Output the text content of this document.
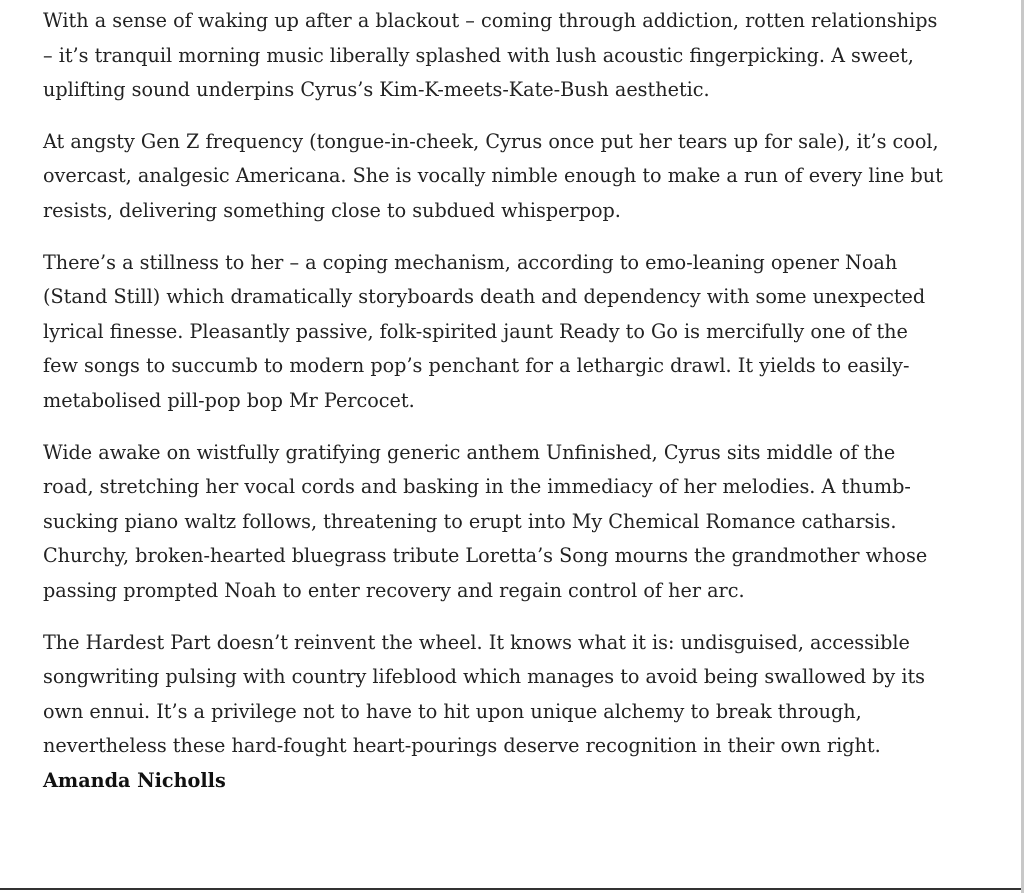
With a sense of waking up after a blackout – coming through addiction, rotten relationships – it’s tranquil morning music liberally splashed with lush acoustic fingerpicking. A sweet, uplifting sound underpins Cyrus’s Kim-K-meets-Kate-Bush aesthetic.

At angsty Gen Z frequency (tongue-in-cheek, Cyrus once put her tears up for sale), it’s cool, overcast, analgesic Americana. She is vocally nimble enough to make a run of every line but resists, delivering something close to subdued whisperpop.

There’s a stillness to her – a coping mechanism, according to emo-leaning opener Noah (Stand Still) which dramatically storyboards death and dependency with some unexpected lyrical finesse. Pleasantly passive, folk-spirited jaunt Ready to Go is mercifully one of the few songs to succumb to modern pop’s penchant for a lethargic drawl. It yields to easily-metabolised pill-pop bop Mr Percocet.

Wide awake on wistfully gratifying generic anthem Unfinished, Cyrus sits middle of the road, stretching her vocal cords and basking in the immediacy of her melodies. A thumb-sucking piano waltz follows, threatening to erupt into My Chemical Romance catharsis. Churchy, broken-hearted bluegrass tribute Loretta’s Song mourns the grandmother whose passing prompted Noah to enter recovery and regain control of her arc.

The Hardest Part doesn’t reinvent the wheel. It knows what it is: undisguised, accessible songwriting pulsing with country lifeblood which manages to avoid being swallowed by its own ennui. It’s a privilege not to have to hit upon unique alchemy to break through, nevertheless these hard-fought heart-pourings deserve recognition in their own right. Amanda Nicholls
